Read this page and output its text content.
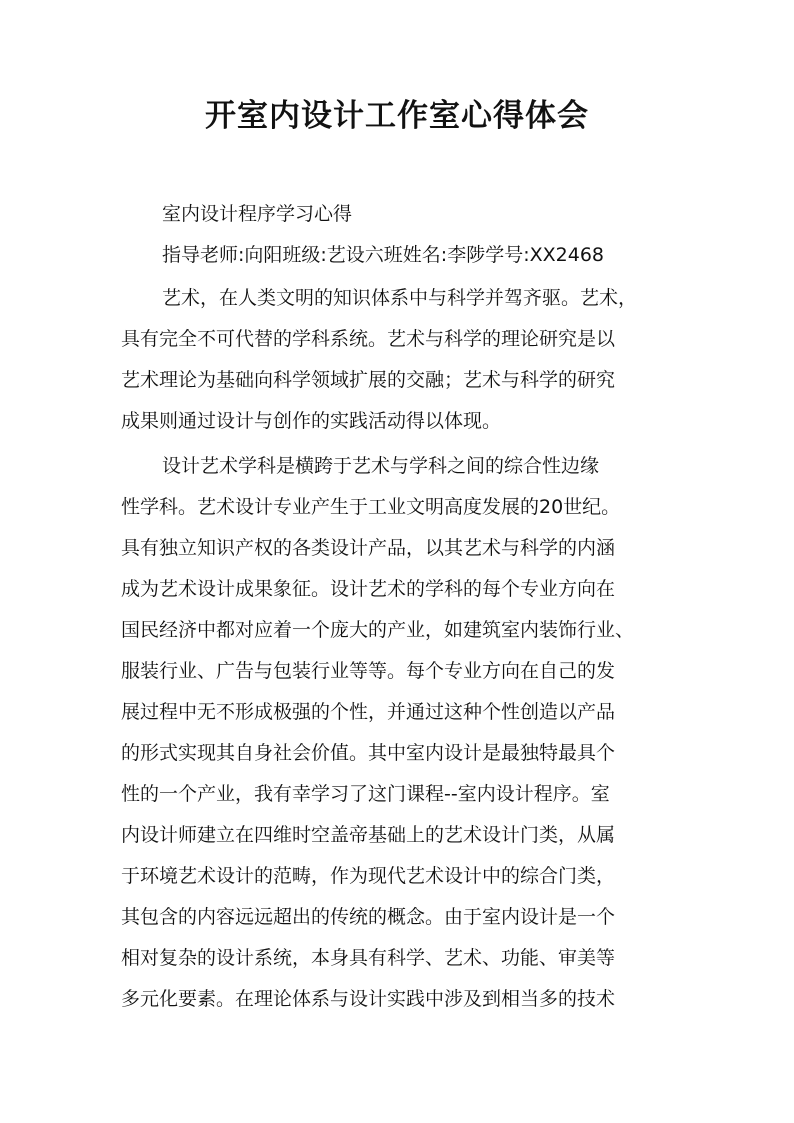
开室内设计工作室心得体会

室内设计程序学习心得

指导老师:向阳班级:艺设六班姓名:李陟学号:XX2468

艺术，在人类文明的知识体系中与科学并驾齐驱。艺术，

具有完全不可代替的学科系统。艺术与科学的理论研究是以

艺术理论为基础向科学领域扩展的交融；艺术与科学的研究

成果则通过设计与创作的实践活动得以体现。

设计艺术学科是横跨于艺术与学科之间的综合性边缘

性学科。艺术设计专业产生于工业文明高度发展的20世纪。

具有独立知识产权的各类设计产品，以其艺术与科学的内涵

成为艺术设计成果象征。设计艺术的学科的每个专业方向在

国民经济中都对应着一个庞大的产业，如建筑室内装饰行业、

服装行业、广告与包装行业等等。每个专业方向在自己的发

展过程中无不形成极强的个性，并通过这种个性创造以产品

的形式实现其自身社会价值。其中室内设计是最独特最具个

性的一个产业，我有幸学习了这门课程--室内设计程序。室

内设计师建立在四维时空盖帝基础上的艺术设计门类，从属

于环境艺术设计的范畴，作为现代艺术设计中的综合门类，

其包含的内容远远超出的传统的概念。由于室内设计是一个

相对复杂的设计系统，本身具有科学、艺术、功能、审美等

多元化要素。在理论体系与设计实践中涉及到相当多的技术
